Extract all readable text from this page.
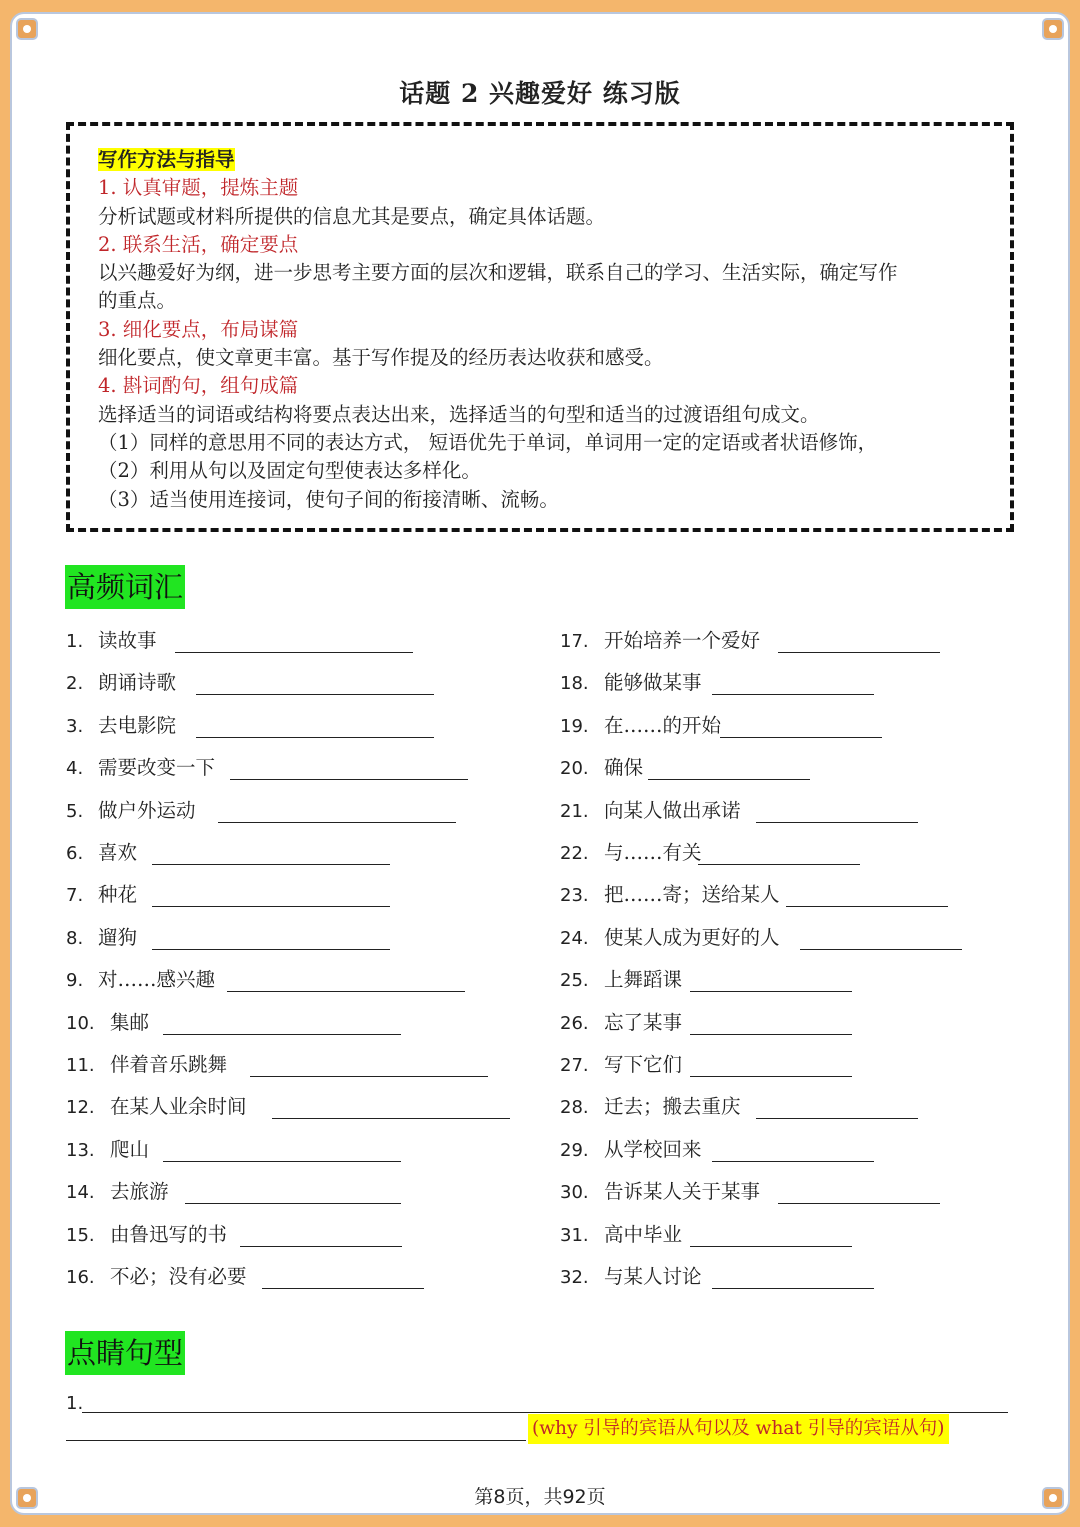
话题 2 兴趣爱好 练习版
写作方法与指导
1. 认真审题，提炼主题
分析试题或材料所提供的信息尤其是要点，确定具体话题。
2. 联系生活，确定要点
以兴趣爱好为纲，进一步思考主要方面的层次和逻辑，联系自己的学习、生活实际，确定写作
的重点。
3. 细化要点，布局谋篇
细化要点，使文章更丰富。基于写作提及的经历表达收获和感受。
4. 斟词酌句，组句成篇
选择适当的词语或结构将要点表达出来，选择适当的句型和适当的过渡语组句成文。
（1）同样的意思用不同的表达方式， 短语优先于单词，单词用一定的定语或者状语修饰，
（2）利用从句以及固定句型使表达多样化。
（3）适当使用连接词，使句子间的衔接清晰、流畅。
高频词汇
1. 读故事
2. 朗诵诗歌
3. 去电影院
4. 需要改变一下
5. 做户外运动
6. 喜欢
7. 种花
8. 遛狗
9. 对……感兴趣
10. 集邮
11. 伴着音乐跳舞
12. 在某人业余时间
13. 爬山
14. 去旅游
15. 由鲁迅写的书
16. 不必；没有必要
17. 开始培养一个爱好
18. 能够做某事
19. 在……的开始
20. 确保
21. 向某人做出承诺
22. 与……有关
23. 把……寄；送给某人
24. 使某人成为更好的人
25. 上舞蹈课
26. 忘了某事
27. 写下它们
28. 迁去；搬去重庆
29. 从学校回来
30. 告诉某人关于某事
31. 高中毕业
32. 与某人讨论
点睛句型
1.
(why 引导的宾语从句以及 what 引导的宾语从句)
第8页，共92页
